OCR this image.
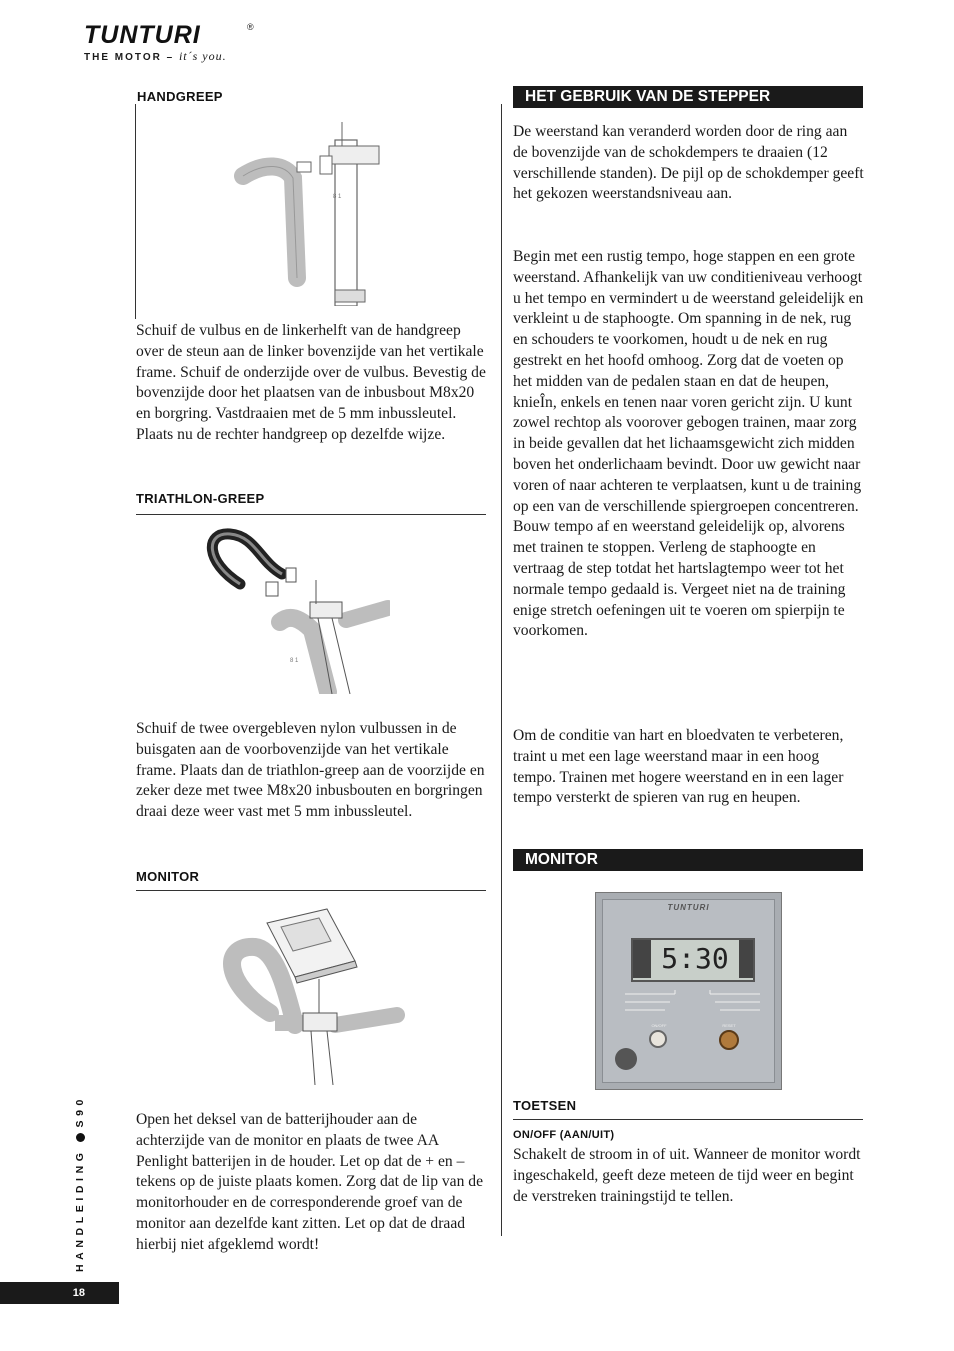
TUNTURI	®
THE MOTOR – it´s you.
HANDGREEP
8 1
Schuif de vulbus en de linkerhelft van de handgreep over de steun aan de linker bovenzijde van het vertikale frame. Schuif de onderzijde over de vulbus. Bevestig de bovenzijde door het plaatsen van de inbusbout M8x20 en borgring. Vastdraaien met de 5 mm inbussleutel. Plaats nu de rechter handgreep op dezelfde wijze.
TRIATHLON-GREEP
8 1
Schuif de twee overgebleven nylon vulbussen in de buisgaten aan de voorbovenzijde van het vertikale frame. Plaats dan de triathlon-greep aan de voorzijde en zeker deze met twee M8x20 inbusbouten en borgringen draai deze weer vast met 5 mm inbussleutel.
MONITOR
Open het deksel van de batterijhouder aan de achterzijde van de monitor en plaats de twee AA Penlight batterijen in de houder. Let op dat de + en – tekens op de juiste plaats komen. Zorg dat de lip van de monitorhouder en de corresponderende groef van de monitor aan dezelfde kant zitten. Let op dat de draad hierbij niet afgeklemd wordt!
HET GEBRUIK VAN DE STEPPER
De weerstand kan veranderd worden door de ring aan de bovenzijde van de schokdempers te draaien (12 verschillende standen). De pijl op de schokdemper geeft het gekozen weerstandsniveau aan.
Begin met een rustig tempo, hoge stappen en een grote weerstand. Afhankelijk van uw conditieniveau verhoogt u het tempo en vermindert u de weerstand geleidelijk en verkleint u de staphoogte. Om spanning in de nek, rug en schouders te voorkomen, houdt u de nek en rug gestrekt en het hoofd omhoog. Zorg dat de voeten op het midden van de pedalen staan en dat de heupen, knieÎn, enkels en tenen naar voren gericht zijn. U kunt zowel rechtop als voorover gebogen trainen, maar zorg in beide gevallen dat het lichaamsgewicht zich midden boven het onderlichaam bevindt. Door uw gewicht naar voren of naar achteren te verplaatsen, kunt u de training op een van de verschillende spiergroepen concentreren. Bouw tempo af en weerstand geleidelijk op, alvorens met trainen te stoppen. Verleng de staphoogte en vertraag de step totdat het hartslagtempo weer tot het normale tempo gedaald is. Vergeet niet na de training enige stretch oefeningen uit te voeren om spierpijn te voorkomen.
Om de conditie van hart en bloedvaten te verbeteren, traint u met een lage weerstand maar in een hoog tempo. Trainen met hogere weerstand en in een lager tempo versterkt de spieren van rug en heupen.
MONITOR
TUNTURI
5:30
ON/OFF	RESET
TOETSEN
ON/OFF (AAN/UIT)
Schakelt de stroom in of uit. Wanneer de monitor wordt ingeschakeld, geeft deze meteen de tijd weer en begint de verstreken trainingstijd te tellen.
HANDLEIDINGS90
18
